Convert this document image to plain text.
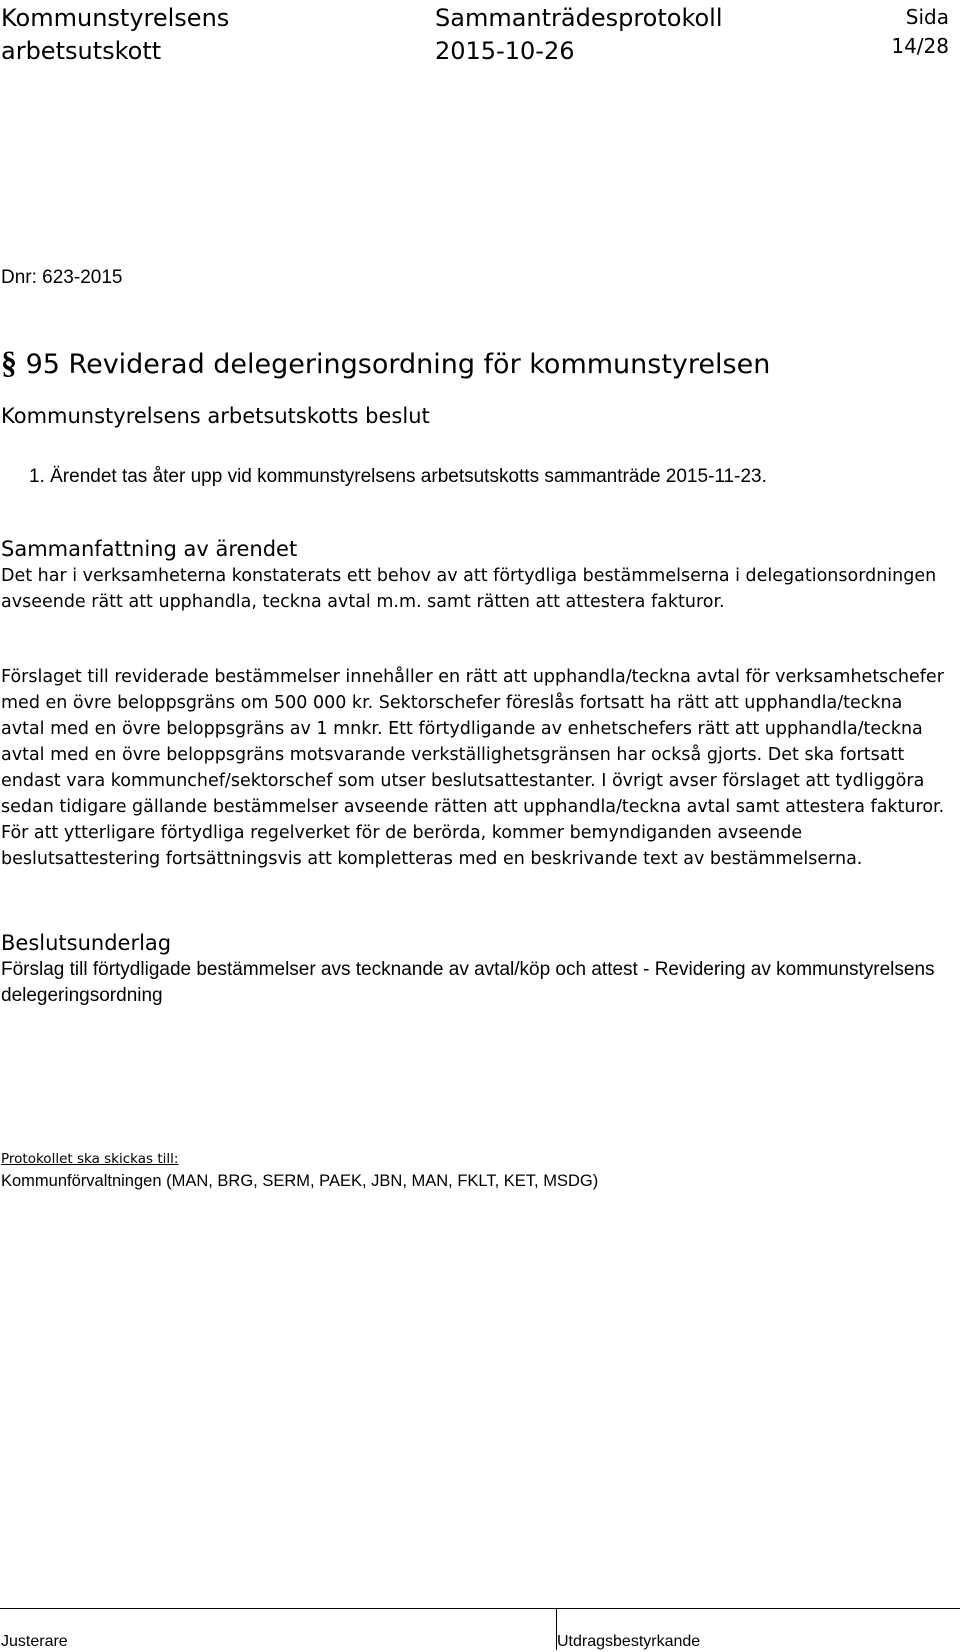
Kommunstyrelsens
arbetsutskott
Sammanträdesprotokoll
2015-10-26
Sida
14/28
Dnr: 623-2015
§ 95 Reviderad delegeringsordning för kommunstyrelsen
Kommunstyrelsens arbetsutskotts beslut
1. Ärendet tas åter upp vid kommunstyrelsens arbetsutskotts sammanträde 2015-11-23.
Sammanfattning av ärendet
Det har i verksamheterna konstaterats ett behov av att förtydliga bestämmelserna i delegationsordningen avseende rätt att upphandla, teckna avtal m.m. samt rätten att attestera fakturor.
Förslaget till reviderade bestämmelser innehåller en rätt att upphandla/teckna avtal för verksamhetschefer med en övre beloppsgräns om 500 000 kr. Sektorschefer föreslås fortsatt ha rätt att upphandla/teckna avtal med en övre beloppsgräns av 1 mnkr. Ett förtydligande av enhetschefers rätt att upphandla/teckna avtal med en övre beloppsgräns motsvarande verkställighetsgränsen har också gjorts. Det ska fortsatt endast vara kommunchef/sektorschef som utser beslutsattestanter. I övrigt avser förslaget att tydliggöra sedan tidigare gällande bestämmelser avseende rätten att upphandla/teckna avtal samt attestera fakturor. För att ytterligare förtydliga regelverket för de berörda, kommer bemyndiganden avseende beslutsattestering fortsättningsvis att kompletteras med en beskrivande text av bestämmelserna.
Beslutsunderlag
Förslag till förtydligade bestämmelser avs tecknande av avtal/köp och attest - Revidering av kommunstyrelsens delegeringsordning
Protokollet ska skickas till:
Kommunförvaltningen (MAN, BRG, SERM, PAEK, JBN, MAN, FKLT, KET, MSDG)
Justerare	Utdragsbestyrkande
